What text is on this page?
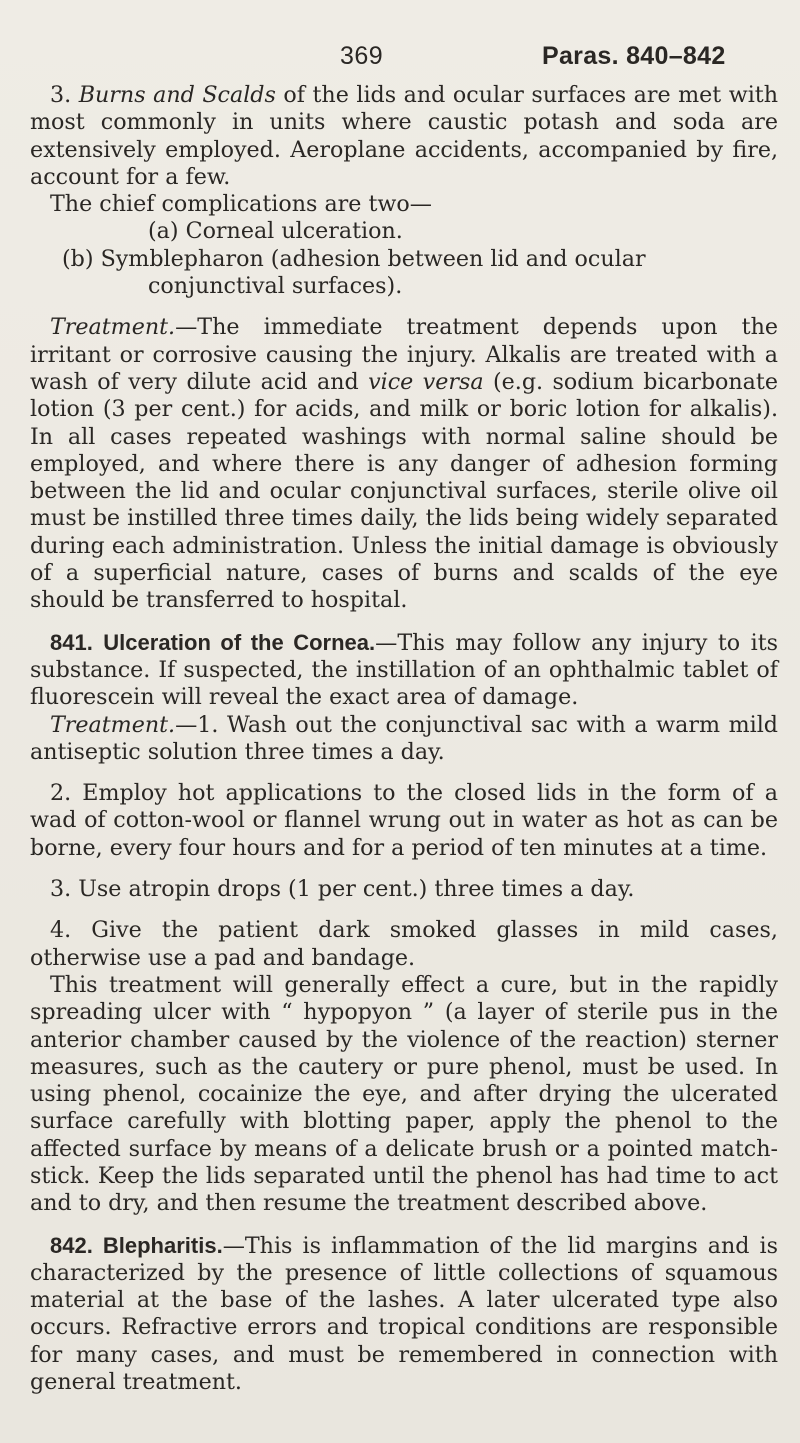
369	Paras. 840–842

3. Burns and Scalds of the lids and ocular surfaces are met with most commonly in units where caustic potash and soda are extensively employed. Aeroplane accidents, accompanied by fire, account for a few.

The chief complications are two—

(a) Corneal ulceration.

(b) Symblepharon (adhesion between lid and ocular conjunctival surfaces).

Treatment.—The immediate treatment depends upon the irritant or corrosive causing the injury. Alkalis are treated with a wash of very dilute acid and vice versa (e.g. sodium bicarbonate lotion (3 per cent.) for acids, and milk or boric lotion for alkalis). In all cases repeated washings with normal saline should be employed, and where there is any danger of adhesion forming between the lid and ocular conjunctival surfaces, sterile olive oil must be instilled three times daily, the lids being widely separated during each administration. Unless the initial damage is obviously of a superficial nature, cases of burns and scalds of the eye should be transferred to hospital.

841. Ulceration of the Cornea.—This may follow any injury to its substance. If suspected, the instillation of an ophthalmic tablet of fluorescein will reveal the exact area of damage.

Treatment.—1. Wash out the conjunctival sac with a warm mild antiseptic solution three times a day.

2. Employ hot applications to the closed lids in the form of a wad of cotton-wool or flannel wrung out in water as hot as can be borne, every four hours and for a period of ten minutes at a time.

3. Use atropin drops (1 per cent.) three times a day.

4. Give the patient dark smoked glasses in mild cases, otherwise use a pad and bandage.

This treatment will generally effect a cure, but in the rapidly spreading ulcer with “ hypopyon ” (a layer of sterile pus in the anterior chamber caused by the violence of the reaction) sterner measures, such as the cautery or pure phenol, must be used. In using phenol, cocainize the eye, and after drying the ulcerated surface carefully with blotting paper, apply the phenol to the affected surface by means of a delicate brush or a pointed match-stick. Keep the lids separated until the phenol has had time to act and to dry, and then resume the treatment described above.

842. Blepharitis.—This is inflammation of the lid margins and is characterized by the presence of little collections of squamous material at the base of the lashes. A later ulcerated type also occurs. Refractive errors and tropical conditions are responsible for many cases, and must be remembered in connection with general treatment.
